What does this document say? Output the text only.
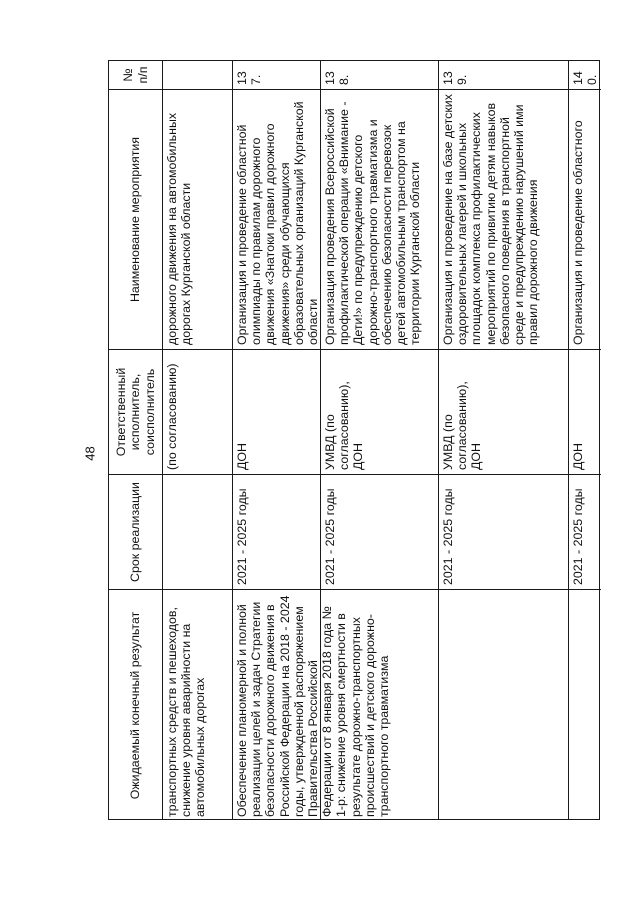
48
№ п/п
Наименование мероприятия
Ответственный исполнитель, соисполнитель
Срок реализации
Ожидаемый конечный результат
дорожного движения на автомобильных дорогах Курганской области
(по согласованию)
транспортных средств и пешеходов, снижение уровня аварийности на автомобильных дорогах
137.
Организация и проведение областной олимпиады по правилам дорожного движения «Знатоки правил дорожного движения» среди обучающихся образовательных организаций Курганской области
ДОН
2021 - 2025 годы
Обеспечение планомерной и полной реализации целей и задач Стратегии безопасности дорожного движения в Российской Федерации на 2018 - 2024 годы, утвержденной распоряжением Правительства Российской Федерации от 8 января 2018 года № 1-р: снижение уровня смертности в результате дорожно-транспортных происшествий и детского дорожно-транспортного травматизма
138.
Организация проведения Всероссийской профилактической операции «Внимание - Дети!» по предупреждению детского дорожно-транспортного травматизма и обеспечению безопасности перевозок детей автомобильным транспортом на территории Курганской области
УМВД (по согласованию), ДОН
2021 - 2025 годы
139.
Организация и проведение на базе детских оздоровительных лагерей и школьных площадок комплекса профилактических мероприятий по привитию детям навыков безопасного поведения в транспортной среде и предупреждению нарушений ими правил дорожного движения
УМВД (по согласованию), ДОН
2021 - 2025 годы
140.
Организация и проведение областного
ДОН
2021 - 2025 годы
